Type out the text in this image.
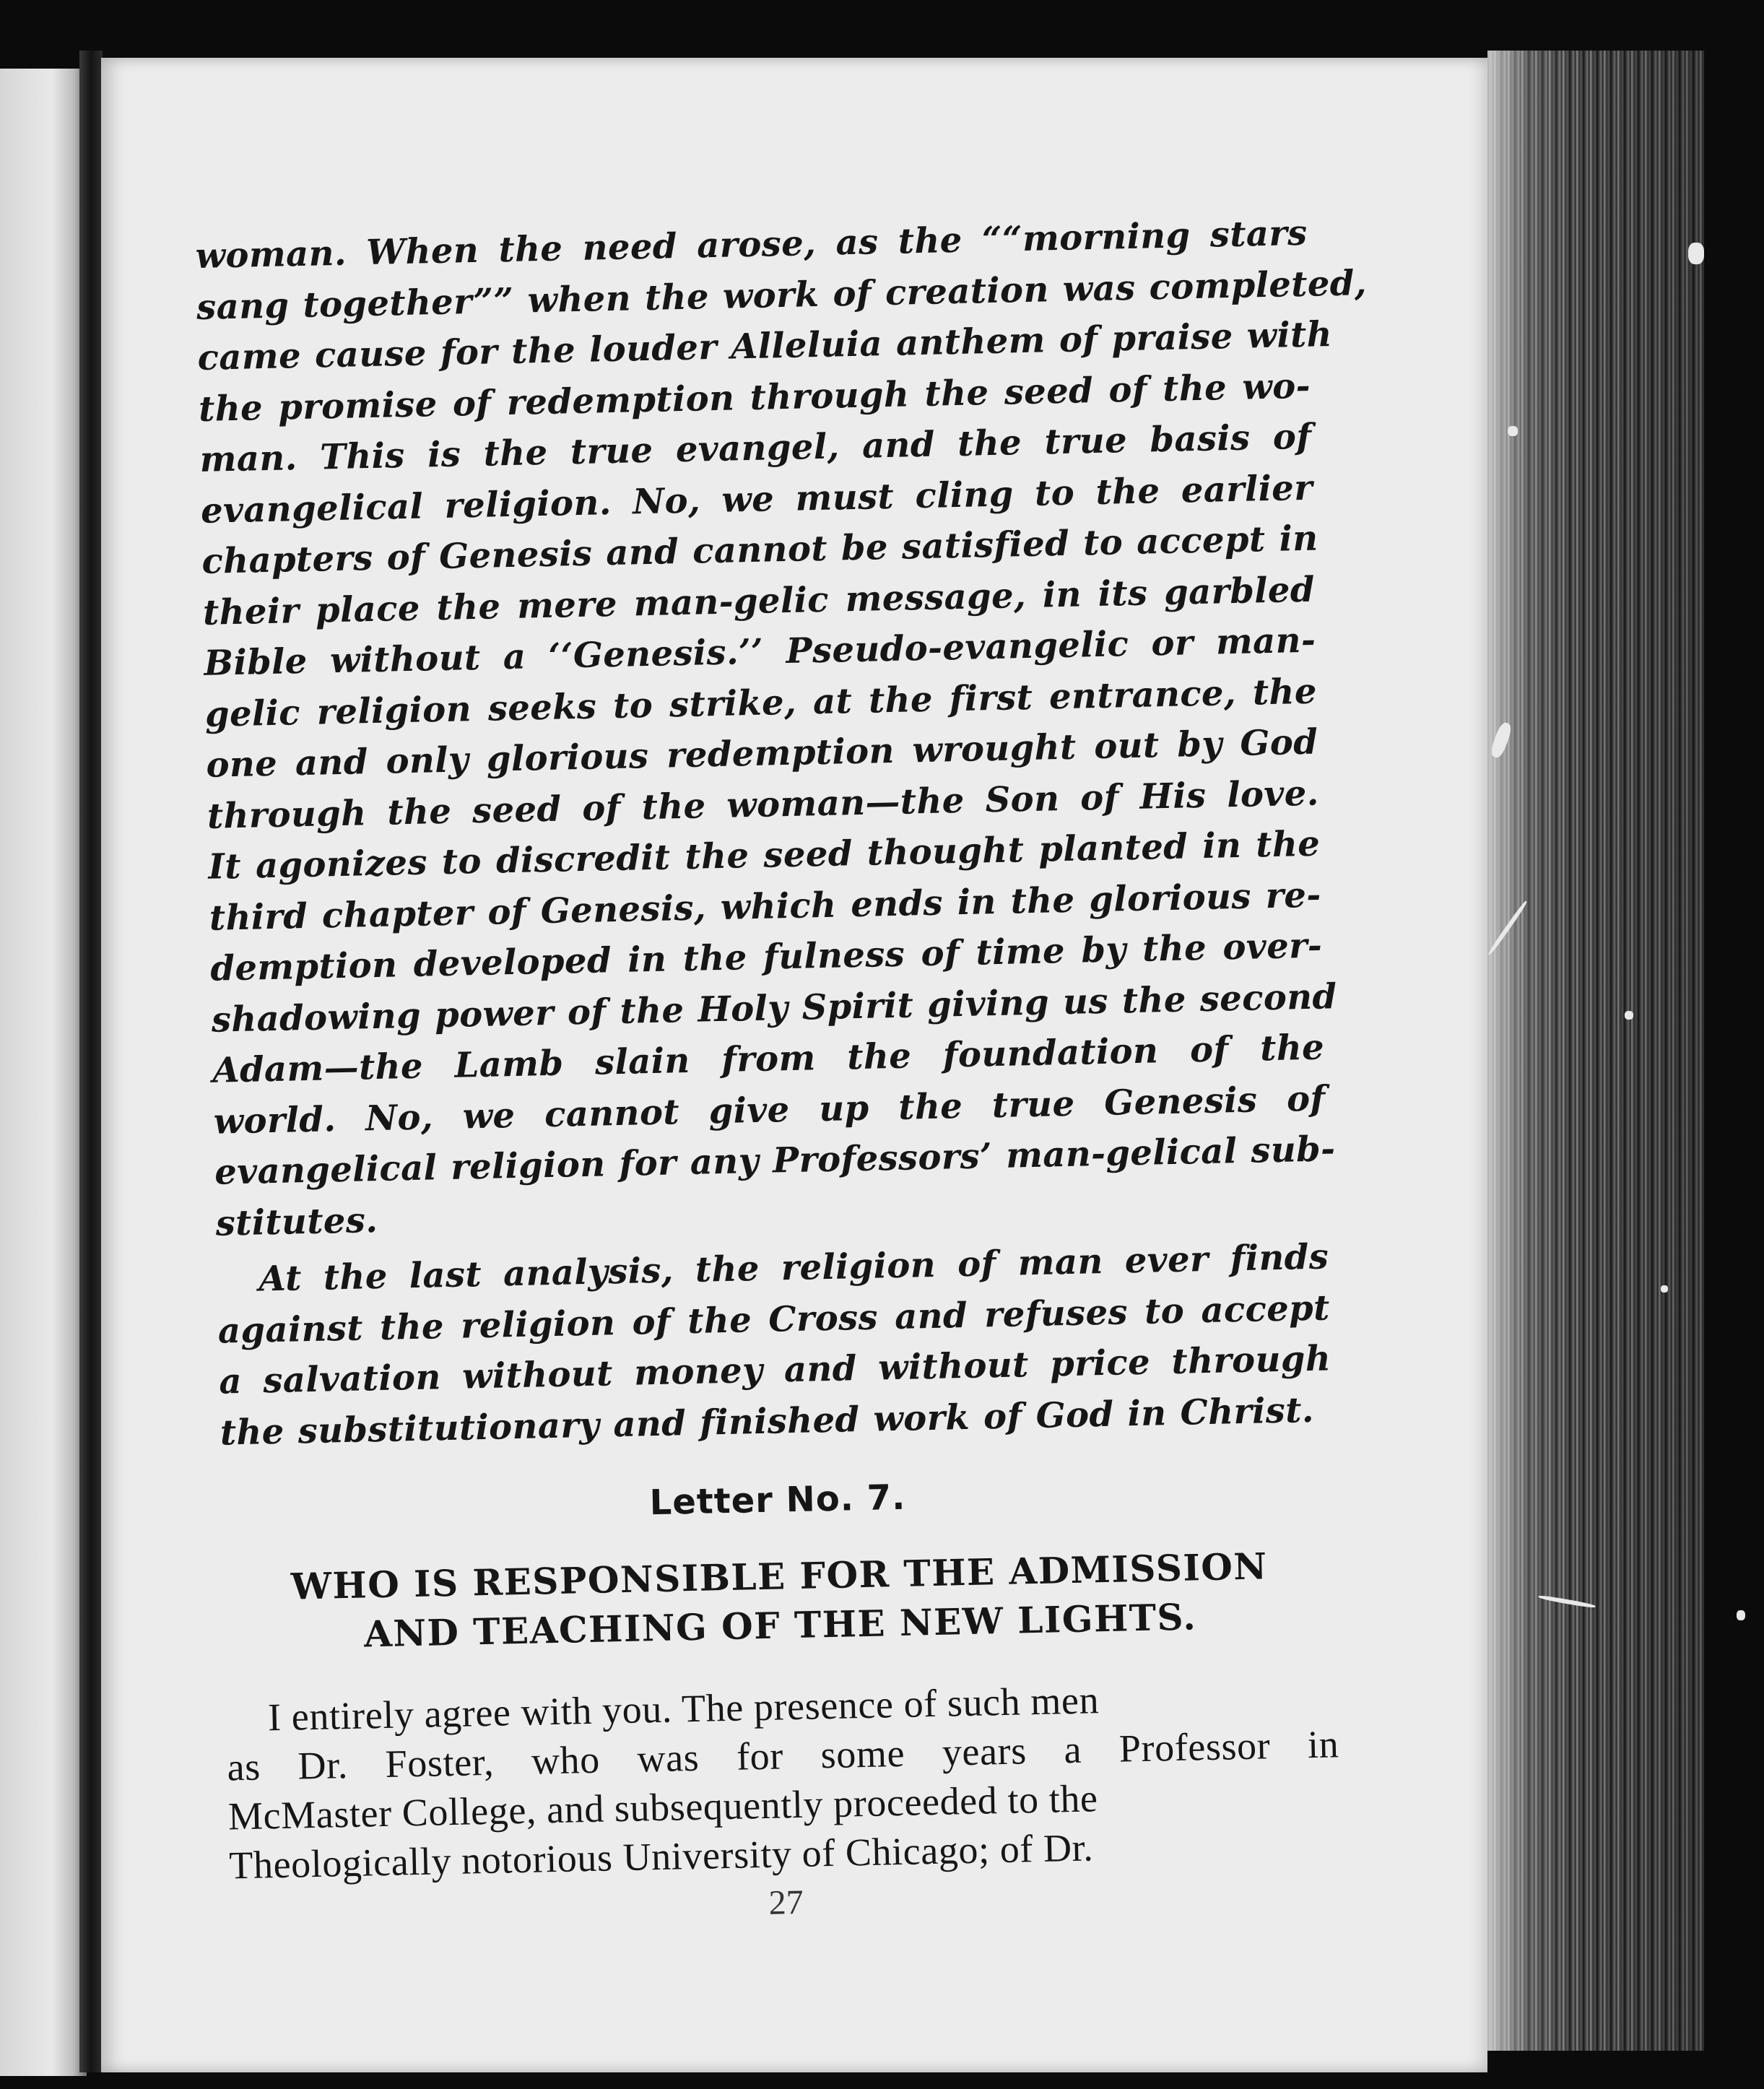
woman. When the need arose, as the ““morning stars
sang together”” when the work of creation was completed,
came cause for the louder Alleluia anthem of praise with
the promise of redemption through the seed of the wo-
man. This is the true evangel, and the true basis of
evangelical religion. No, we must cling to the earlier
chapters of Genesis and cannot be satisfied to accept in
their place the mere man-gelic message, in its garbled
Bible without a ‘‘Genesis.’’ Pseudo-evangelic or man-
gelic religion seeks to strike, at the first entrance, the
one and only glorious redemption wrought out by God
through the seed of the woman—the Son of His love.
It agonizes to discredit the seed thought planted in the
third chapter of Genesis, which ends in the glorious re-
demption developed in the fulness of time by the over-
shadowing power of the Holy Spirit giving us the second
Adam—the Lamb slain from the foundation of the
world. No, we cannot give up the true Genesis of
evangelical religion for any Professors’ man-gelical sub-
stitutes.
At the last analysis, the religion of man ever finds
against the religion of the Cross and refuses to accept
a salvation without money and without price through
the substitutionary and finished work of God in Christ.
Letter No. 7.
WHO IS RESPONSIBLE FOR THE ADMISSION
AND TEACHING OF THE NEW LIGHTS.
I entirely agree with you. The presence of such men
as Dr. Foster, who was for some years a Professor in
McMaster College, and subsequently proceeded to the
Theologically notorious University of Chicago; of Dr.
27
